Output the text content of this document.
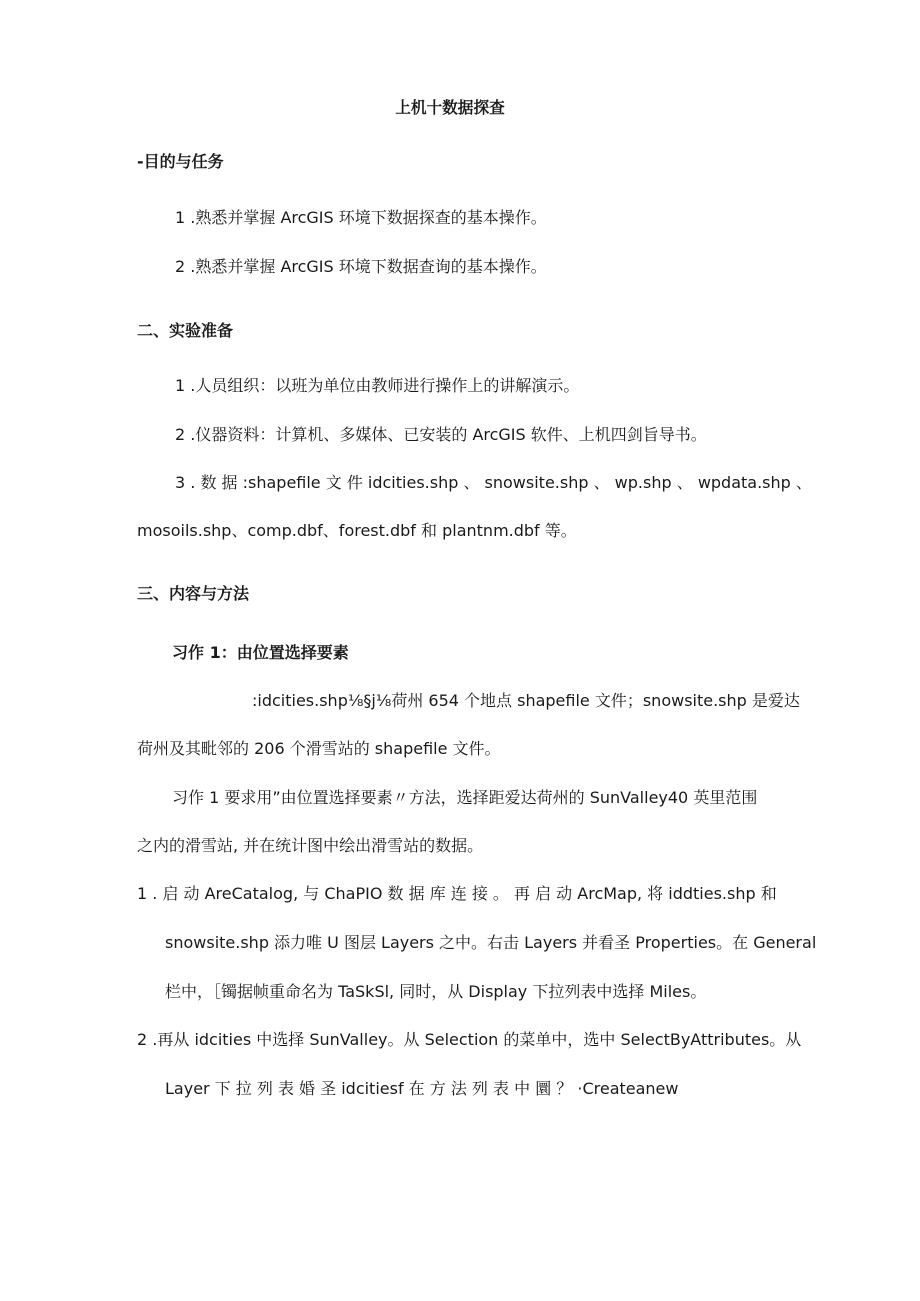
上机十数据探查
-目的与任务
1 .熟悉并掌握 ArcGIS 环境下数据探查的基本操作。
2 .熟悉并掌握 ArcGIS 环境下数据查询的基本操作。
二、实验准备
1 .人员组织：以班为单位由教师进行操作上的讲解演示。
2 .仪器资料：计算机、多媒体、已安装的 ArcGIS 软件、上机四剑旨导书。
3 . 数 据 :shapefile 文 件 idcities.shp 、 snowsite.shp 、 wp.shp 、 wpdata.shp 、
mosoils.shp、comp.dbf、forest.dbf 和 plantnm.dbf 等。
三、内容与方法
习作 1：由位置选择要素
:idcities.shp⅛§j⅛荷州 654 个地点 shapefile 文件；snowsite.shp 是爱达
荷州及其毗邻的 206 个滑雪站的 shapefile 文件。
习作 1 要求用”由位置选择要素〃方法，选择距爱达荷州的 SunValley40 英里范围
之内的滑雪站, 并在统计图中绘出滑雪站的数据。
1 . 启 动 AreCatalog, 与 ChaPIO 数 据 库 连 接 。 再 启 动 ArcMap, 将 iddties.shp 和
snowsite.shp 添力唯 U 图层 Layers 之中。右击 Layers 并看圣 Properties。在 General
栏中，［镯据帧重命名为 TaSkSl, 同时，从 Display 下拉列表中选择 Miles。
2 .再从 idcities 中选择 SunValley。从 Selection 的菜单中，选中 SelectByAttributes。从
Layer 下 拉 列 表 婚 圣 idcitiesf 在 方 法 列 表 中 圜 ？ ·Createanew
